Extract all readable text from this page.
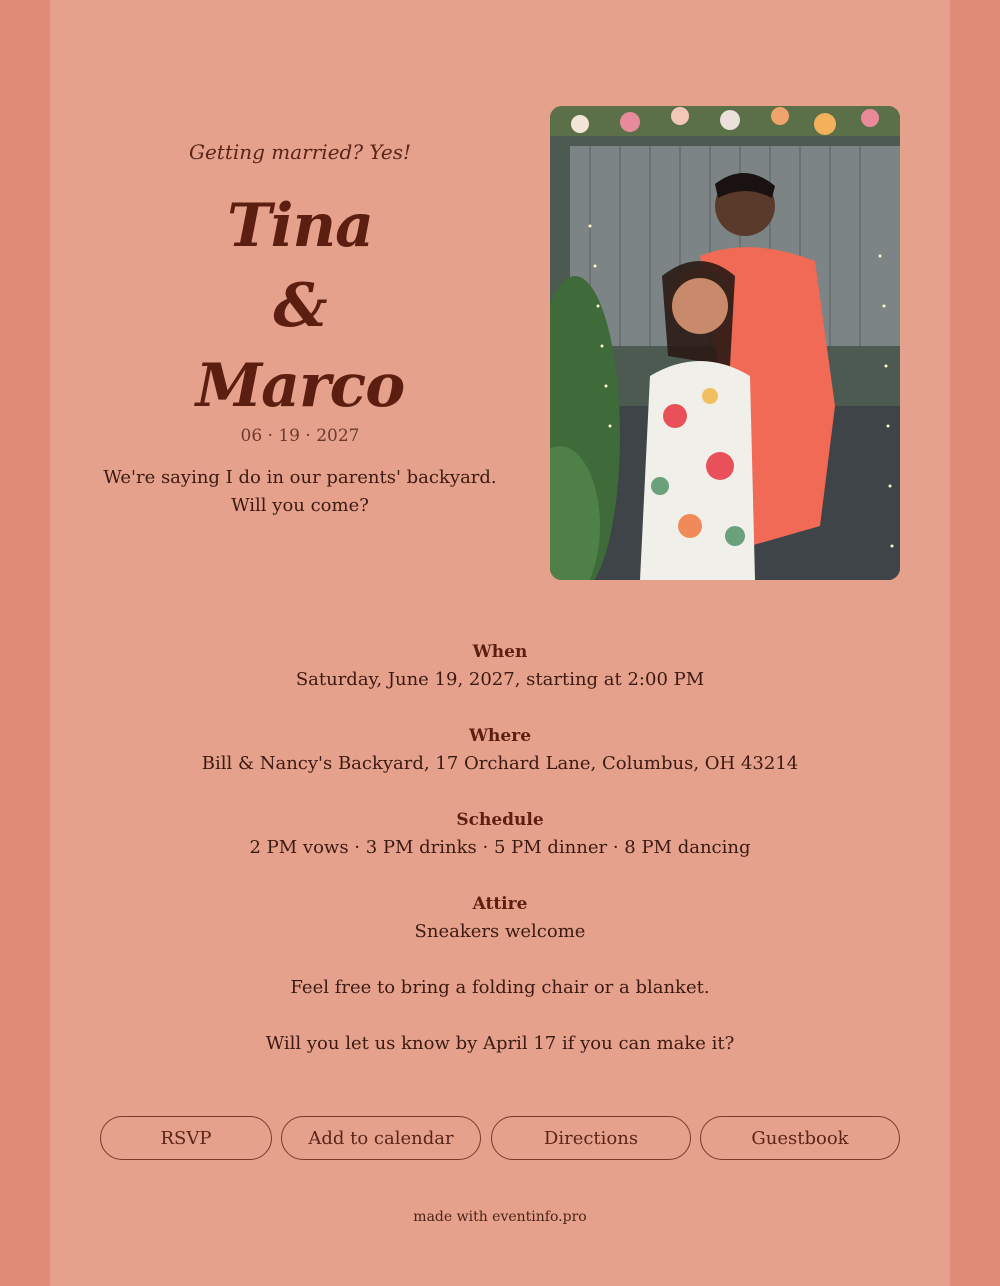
Getting married? Yes!
Tina
&
Marco
06 · 19 · 2027
We're saying I do in our parents' backyard.
Will you come?
When
Saturday, June 19, 2027, starting at 2:00 PM
Where
Bill & Nancy's Backyard, 17 Orchard Lane, Columbus, OH 43214
Schedule
2 PM vows · 3 PM drinks · 5 PM dinner · 8 PM dancing
Attire
Sneakers welcome
Feel free to bring a folding chair or a blanket.
Will you let us know by April 17 if you can make it?
RSVP	Add to calendar	Directions	Guestbook
made with eventinfo.pro
